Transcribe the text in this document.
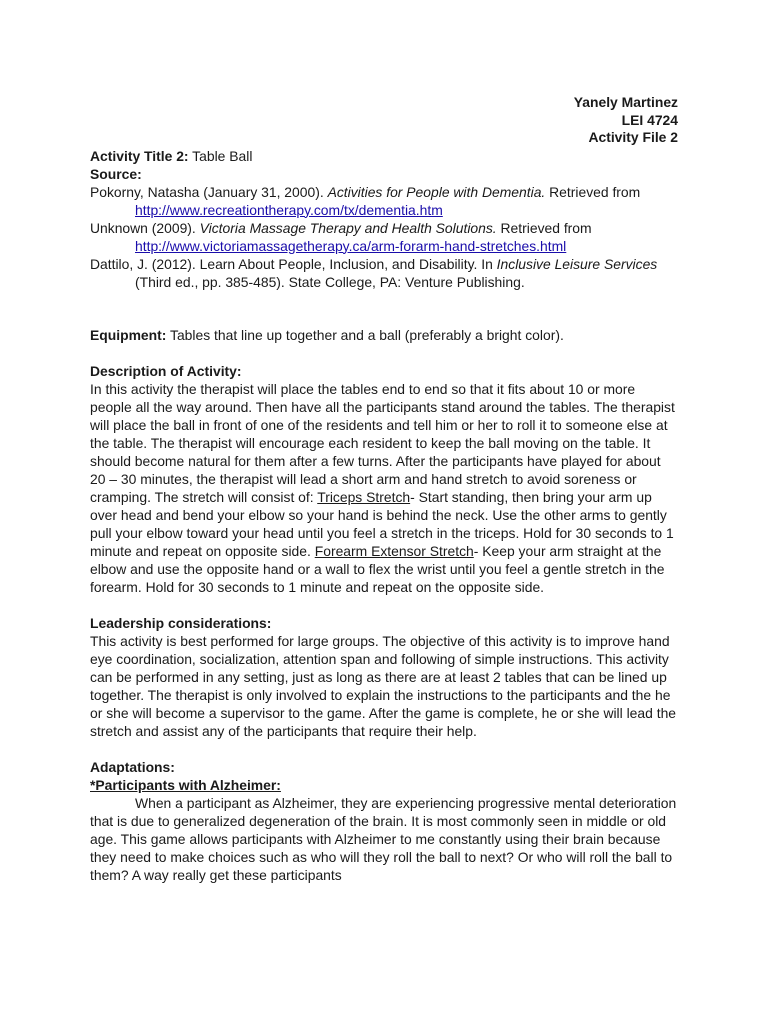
Yanely Martinez
LEI 4724
Activity File 2

Activity Title 2: Table Ball

Source:

Pokorny, Natasha (January 31, 2000). Activities for People with Dementia. Retrieved from http://www.recreationtherapy.com/tx/dementia.htm

Unknown (2009). Victoria Massage Therapy and Health Solutions. Retrieved from http://www.victoriamassagetherapy.ca/arm-forarm-hand-stretches.html

Dattilo, J. (2012). Learn About People, Inclusion, and Disability. In Inclusive Leisure Services (Third ed., pp. 385-485). State College, PA: Venture Publishing.

Equipment: Tables that line up together and a ball (preferably a bright color).

Description of Activity:

In this activity the therapist will place the tables end to end so that it fits about 10 or more people all the way around. Then have all the participants stand around the tables. The therapist will place the ball in front of one of the residents and tell him or her to roll it to someone else at the table. The therapist will encourage each resident to keep the ball moving on the table. It should become natural for them after a few turns. After the participants have played for about 20 – 30 minutes, the therapist will lead a short arm and hand stretch to avoid soreness or cramping. The stretch will consist of: Triceps Stretch- Start standing, then bring your arm up over head and bend your elbow so your hand is behind the neck. Use the other arms to gently pull your elbow toward your head until you feel a stretch in the triceps. Hold for 30 seconds to 1 minute and repeat on opposite side. Forearm Extensor Stretch- Keep your arm straight at the elbow and use the opposite hand or a wall to flex the wrist until you feel a gentle stretch in the forearm. Hold for 30 seconds to 1 minute and repeat on the opposite side.

Leadership considerations:

This activity is best performed for large groups. The objective of this activity is to improve hand eye coordination, socialization, attention span and following of simple instructions. This activity can be performed in any setting, just as long as there are at least 2 tables that can be lined up together. The therapist is only involved to explain the instructions to the participants and the he or she will become a supervisor to the game. After the game is complete, he or she will lead the stretch and assist any of the participants that require their help.

Adaptations:

*Participants with Alzheimer:

When a participant as Alzheimer, they are experiencing progressive mental deterioration that is due to generalized degeneration of the brain. It is most commonly seen in middle or old age. This game allows participants with Alzheimer to me constantly using their brain because they need to make choices such as who will they roll the ball to next? Or who will roll the ball to them? A way really get these participants
